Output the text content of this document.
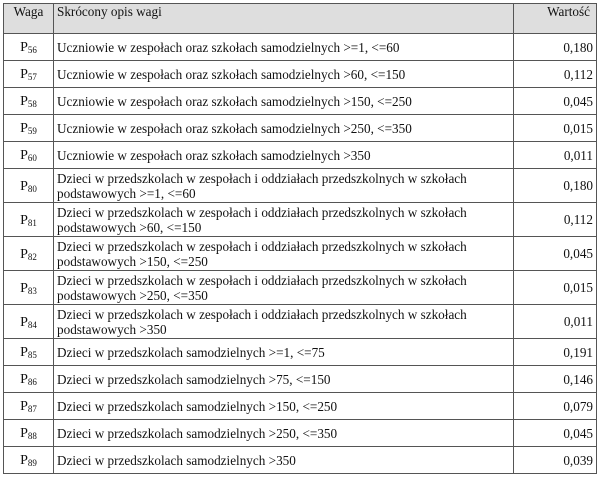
Waga	Skrócony opis wagi	Wartość
$P_{56}$	Uczniowie w zespołach oraz szkołach samodzielnych >=1, <=60	0,180
$P_{57}$	Uczniowie w zespołach oraz szkołach samodzielnych >60, <=150	0,112
$P_{58}$	Uczniowie w zespołach oraz szkołach samodzielnych >150, <=250	0,045
$P_{59}$	Uczniowie w zespołach oraz szkołach samodzielnych >250, <=350	0,015
$P_{60}$	Uczniowie w zespołach oraz szkołach samodzielnych >350	0,011
$P_{80}$	Dzieci w przedszkolach w zespołach i oddziałach przedszkolnych w szkołach podstawowych >=1, <=60	0,180
$P_{81}$	Dzieci w przedszkolach w zespołach i oddziałach przedszkolnych w szkołach podstawowych >60, <=150	0,112
$P_{82}$	Dzieci w przedszkolach w zespołach i oddziałach przedszkolnych w szkołach podstawowych >150, <=250	0,045
$P_{83}$	Dzieci w przedszkolach w zespołach i oddziałach przedszkolnych w szkołach podstawowych >250, <=350	0,015
$P_{84}$	Dzieci w przedszkolach w zespołach i oddziałach przedszkolnych w szkołach podstawowych >350	0,011
$P_{85}$	Dzieci w przedszkolach samodzielnych >=1, <=75	0,191
$P_{86}$	Dzieci w przedszkolach samodzielnych >75, <=150	0,146
$P_{87}$	Dzieci w przedszkolach samodzielnych >150, <=250	0,079
$P_{88}$	Dzieci w przedszkolach samodzielnych >250, <=350	0,045
$P_{89}$	Dzieci w przedszkolach samodzielnych >350	0,039
